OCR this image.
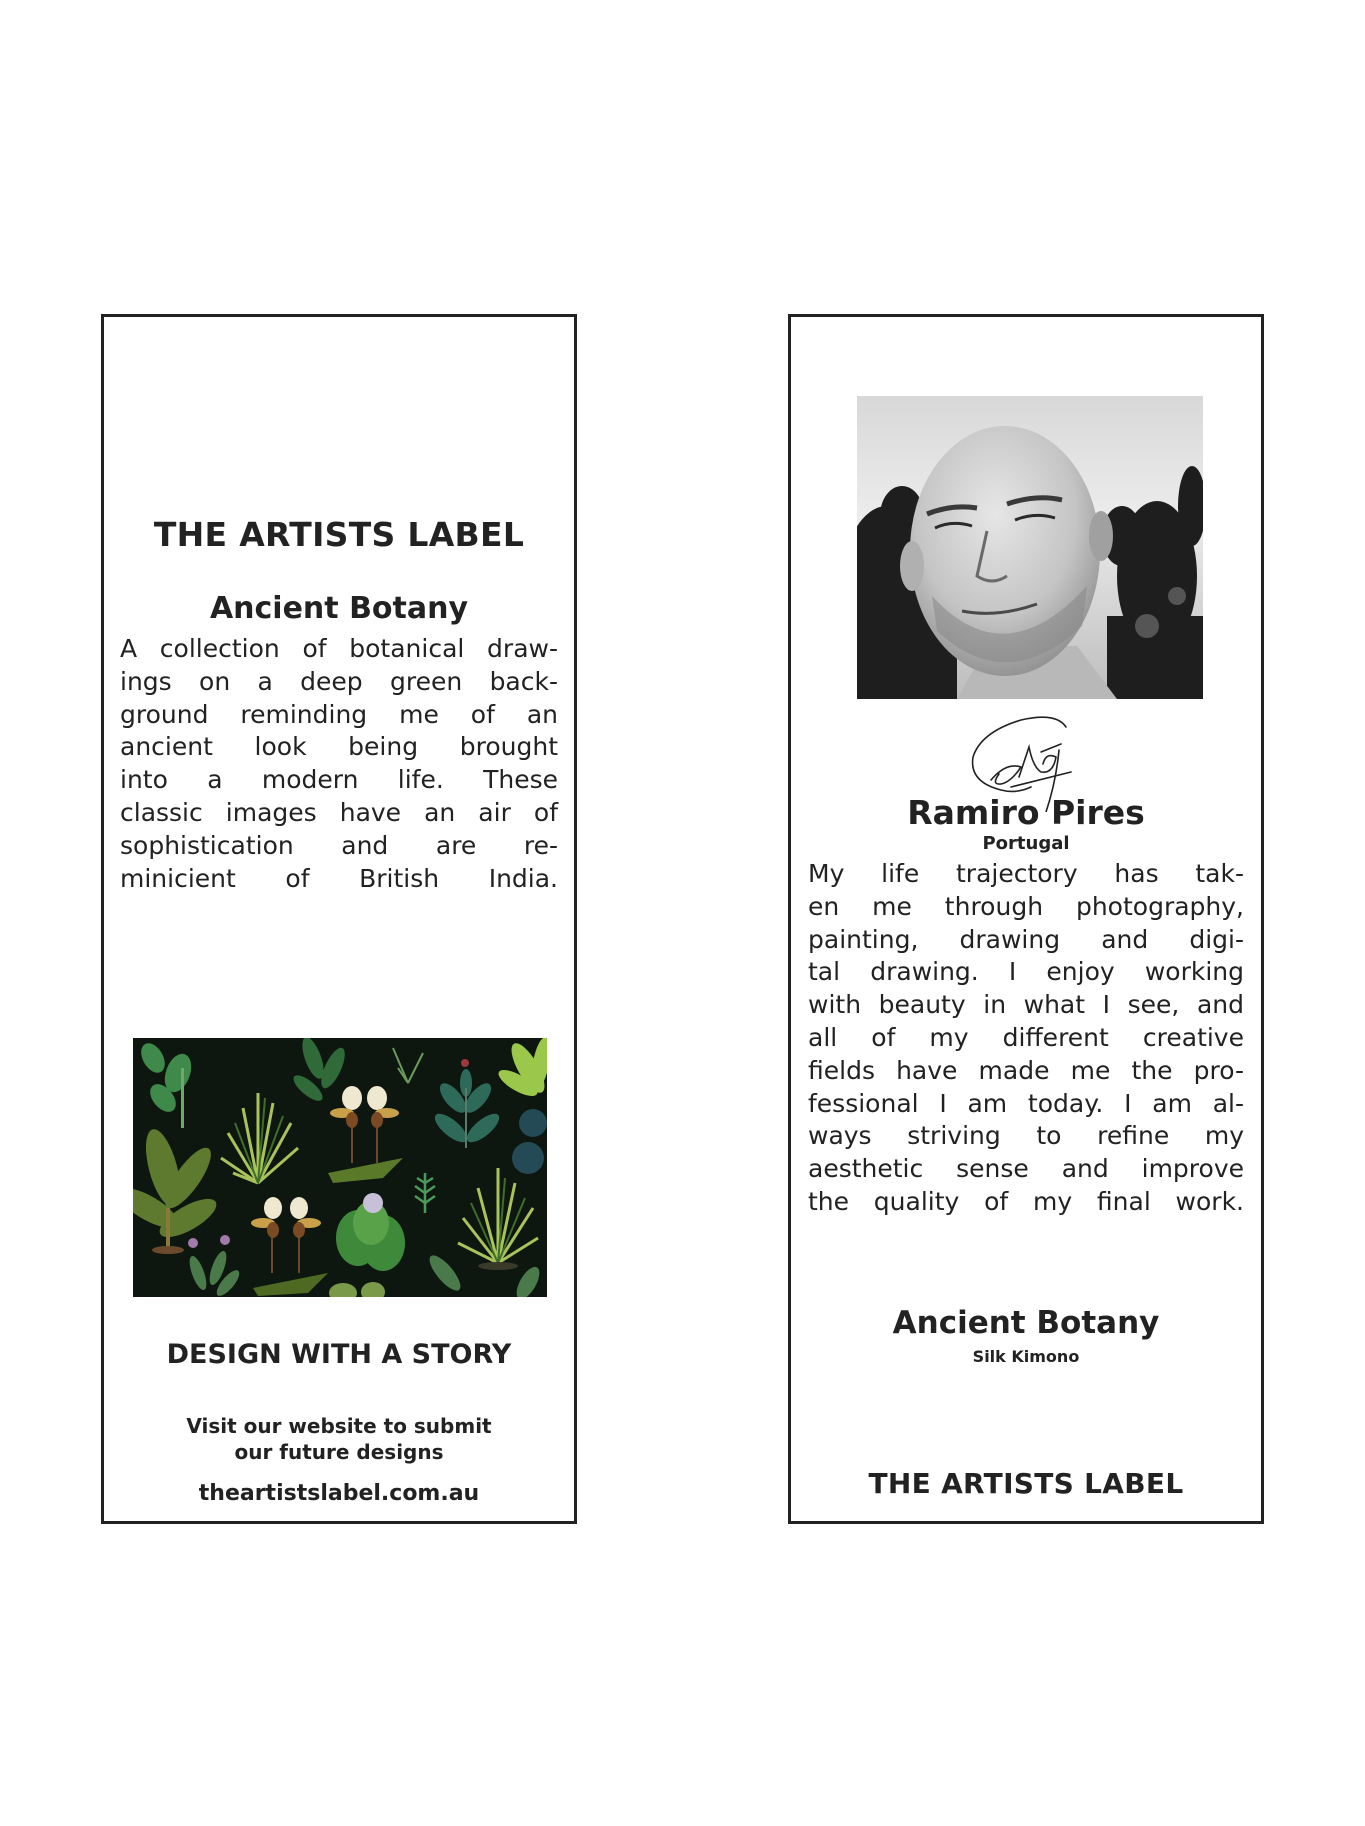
THE ARTISTS LABEL
Ancient Botany
A collection of botanical draw-
ings on a deep green back-
ground reminding me of an
ancient look being brought
into a modern life. These
classic images have an air of
sophistication and are re-
minicient of British India.
DESIGN WITH A STORY
Visit our website to submit
our future designs
theartistslabel.com.au
Ramiro Pires
Portugal
My life trajectory has tak-
en me through photography,
painting, drawing and digi-
tal drawing. I enjoy working
with beauty in what I see, and
all of my different creative
fields have made me the pro-
fessional I am today. I am al-
ways striving to refine my
aesthetic sense and improve
the quality of my final work.
Ancient Botany
Silk Kimono
THE ARTISTS LABEL
